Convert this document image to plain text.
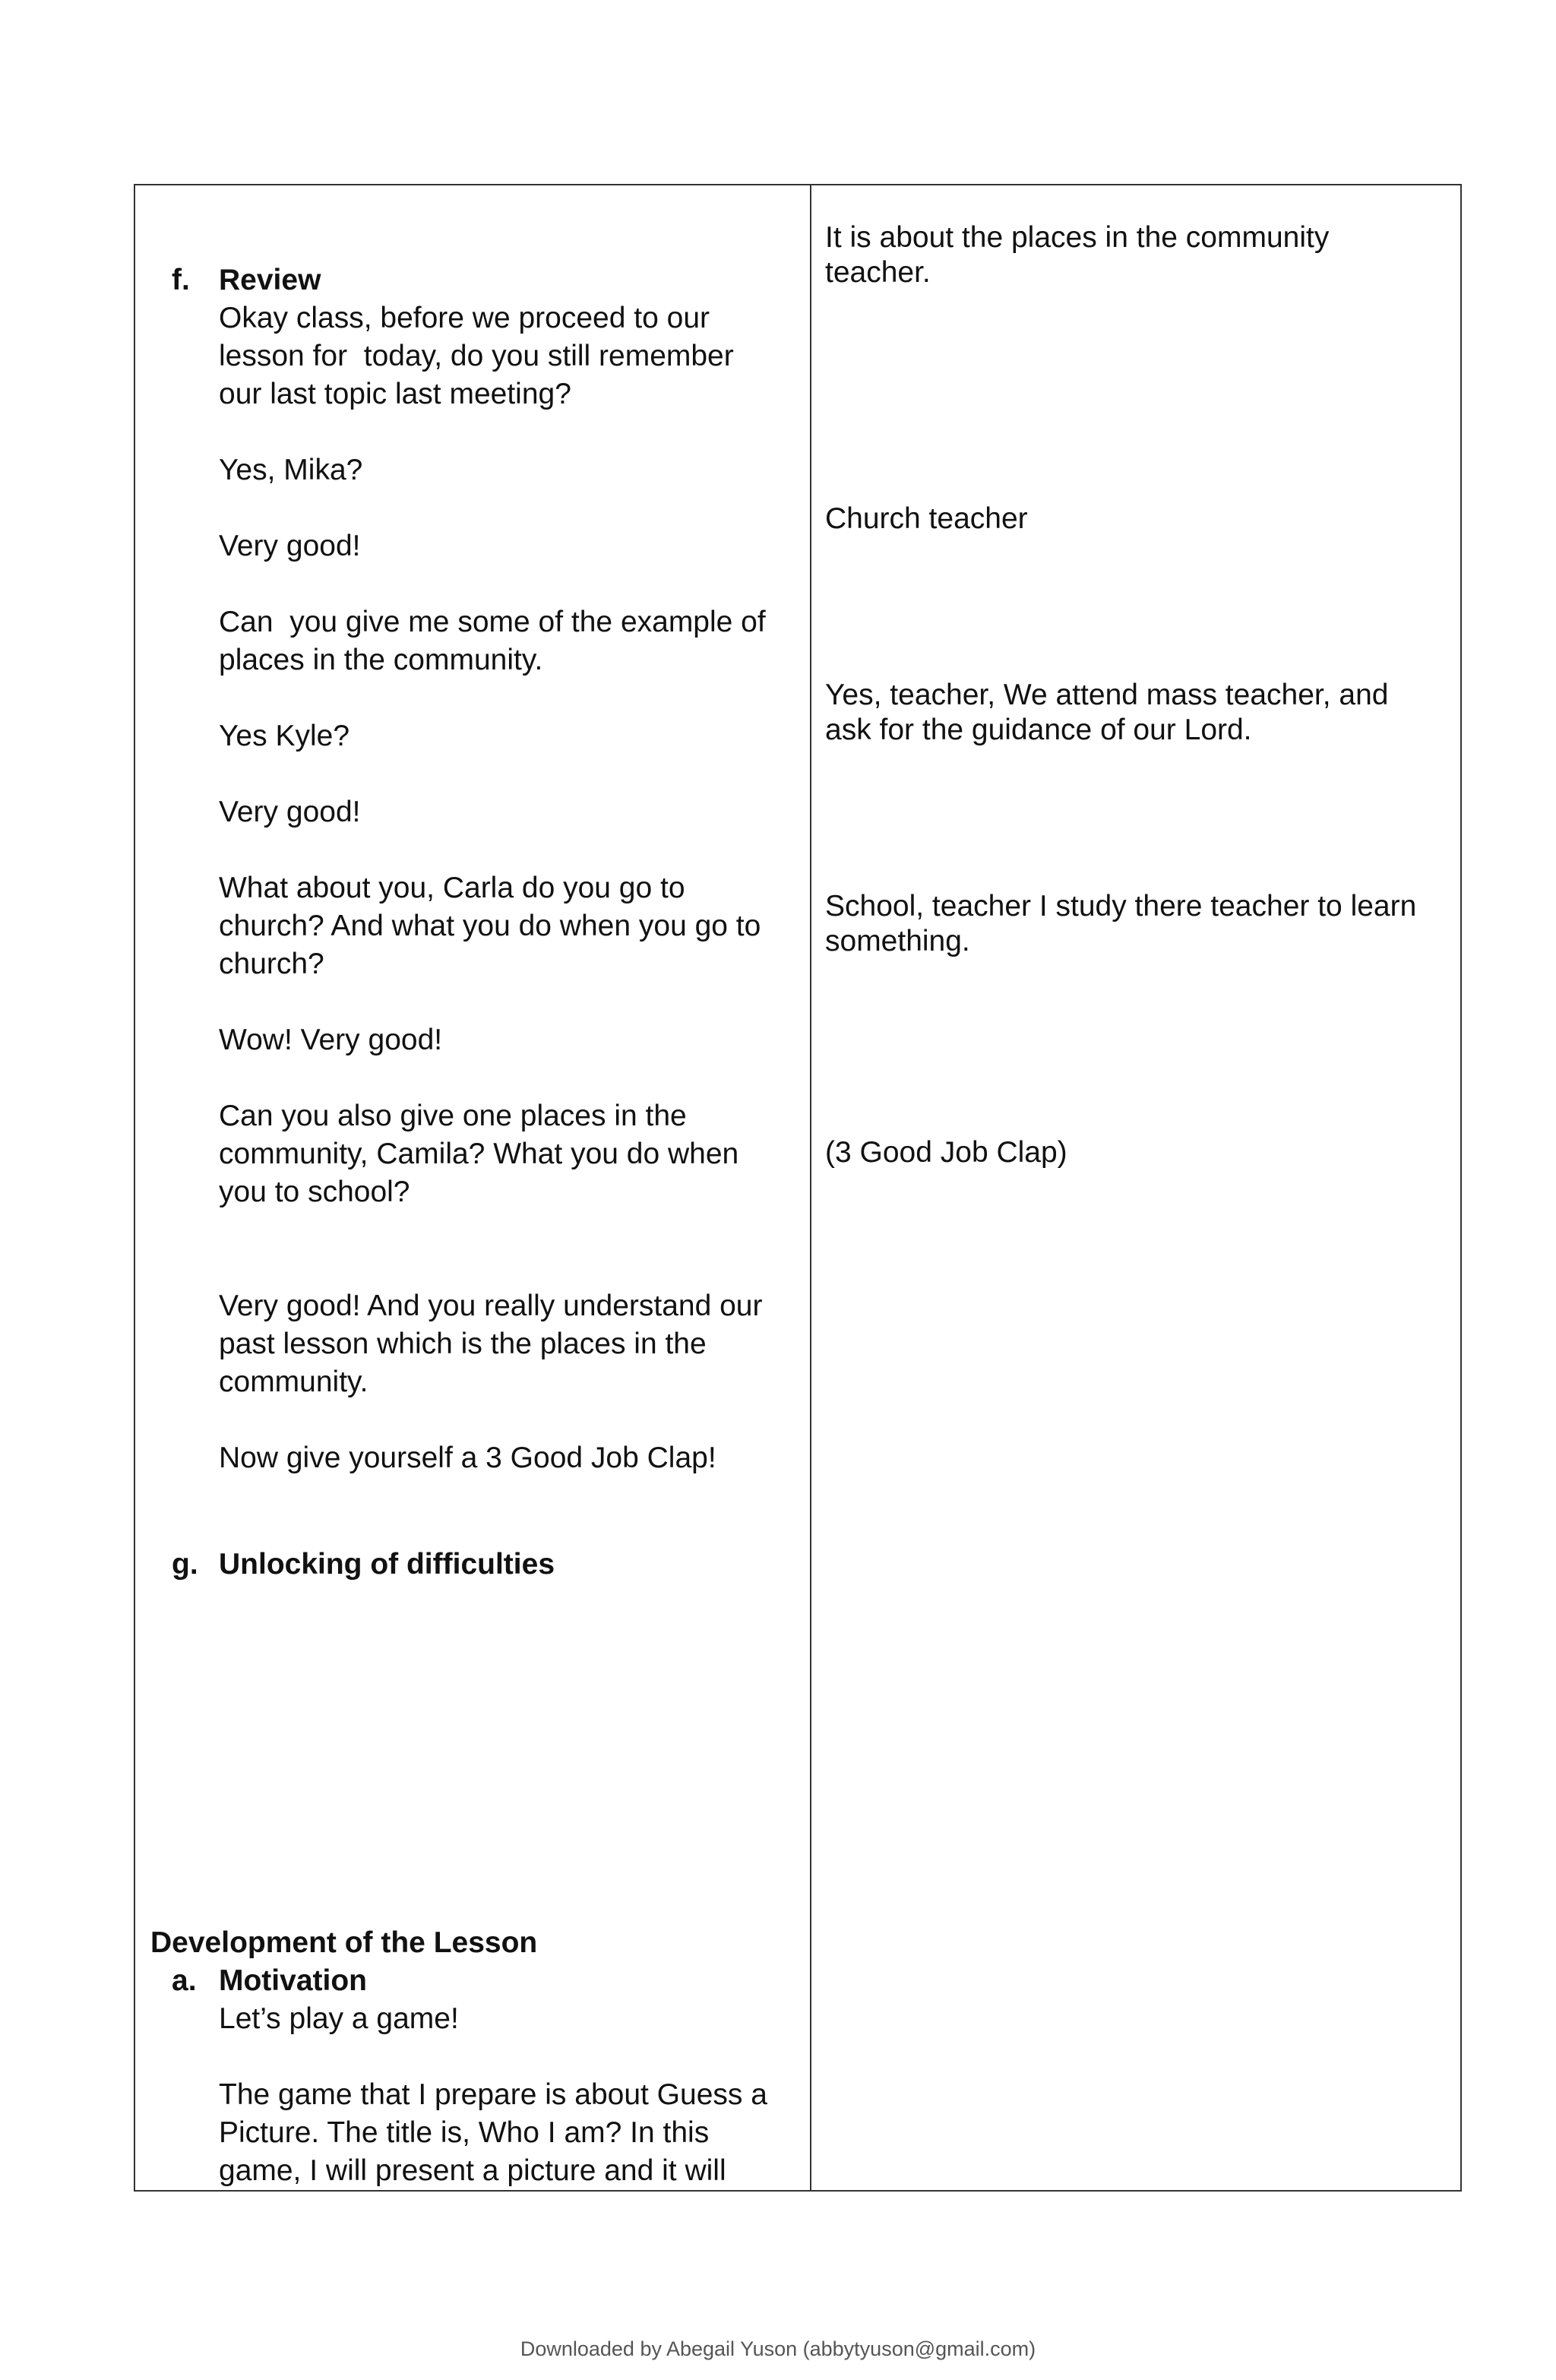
f. Review
Okay class, before we proceed to our
lesson for  today, do you still remember
our last topic last meeting?
Yes, Mika?
Very good!
Can  you give me some of the example of
places in the community.
Yes Kyle?
Very good!
What about you, Carla do you go to
church? And what you do when you go to
church?
Wow! Very good!
Can you also give one places in the
community, Camila? What you do when
you to school?
Very good! And you really understand our
past lesson which is the places in the
community.
Now give yourself a 3 Good Job Clap!
g. Unlocking of difficulties
Development of the Lesson
a. Motivation
Let’s play a game!
The game that I prepare is about Guess a
Picture. The title is, Who I am? In this
game, I will present a picture and it will
It is about the places in the community
teacher.
Church teacher
Yes, teacher, We attend mass teacher, and
ask for the guidance of our Lord.
School, teacher I study there teacher to learn
something.
(3 Good Job Clap)
Downloaded by Abegail Yuson (abbytyuson@gmail.com)
